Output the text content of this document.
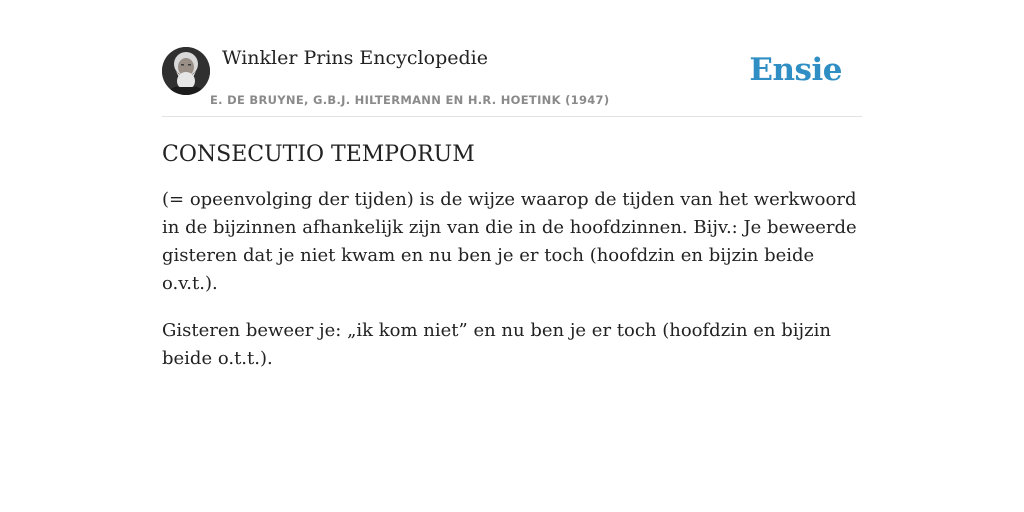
Winkler Prins Encyclopedie
E. DE BRUYNE, G.B.J. HILTERMANN EN H.R. HOETINK (1947)
Ensie
CONSECUTIO TEMPORUM

(= opeenvolging der tijden) is de wijze waarop de tijden van het werkwoord in de bijzinnen afhankelijk zijn van die in de hoofdzinnen. Bijv.: Je beweerde gisteren dat je niet kwam en nu ben je er toch (hoofdzin en bijzin beide o.v.t.).

Gisteren beweer je: „ik kom niet” en nu ben je er toch (hoofdzin en bijzin beide o.t.t.).
